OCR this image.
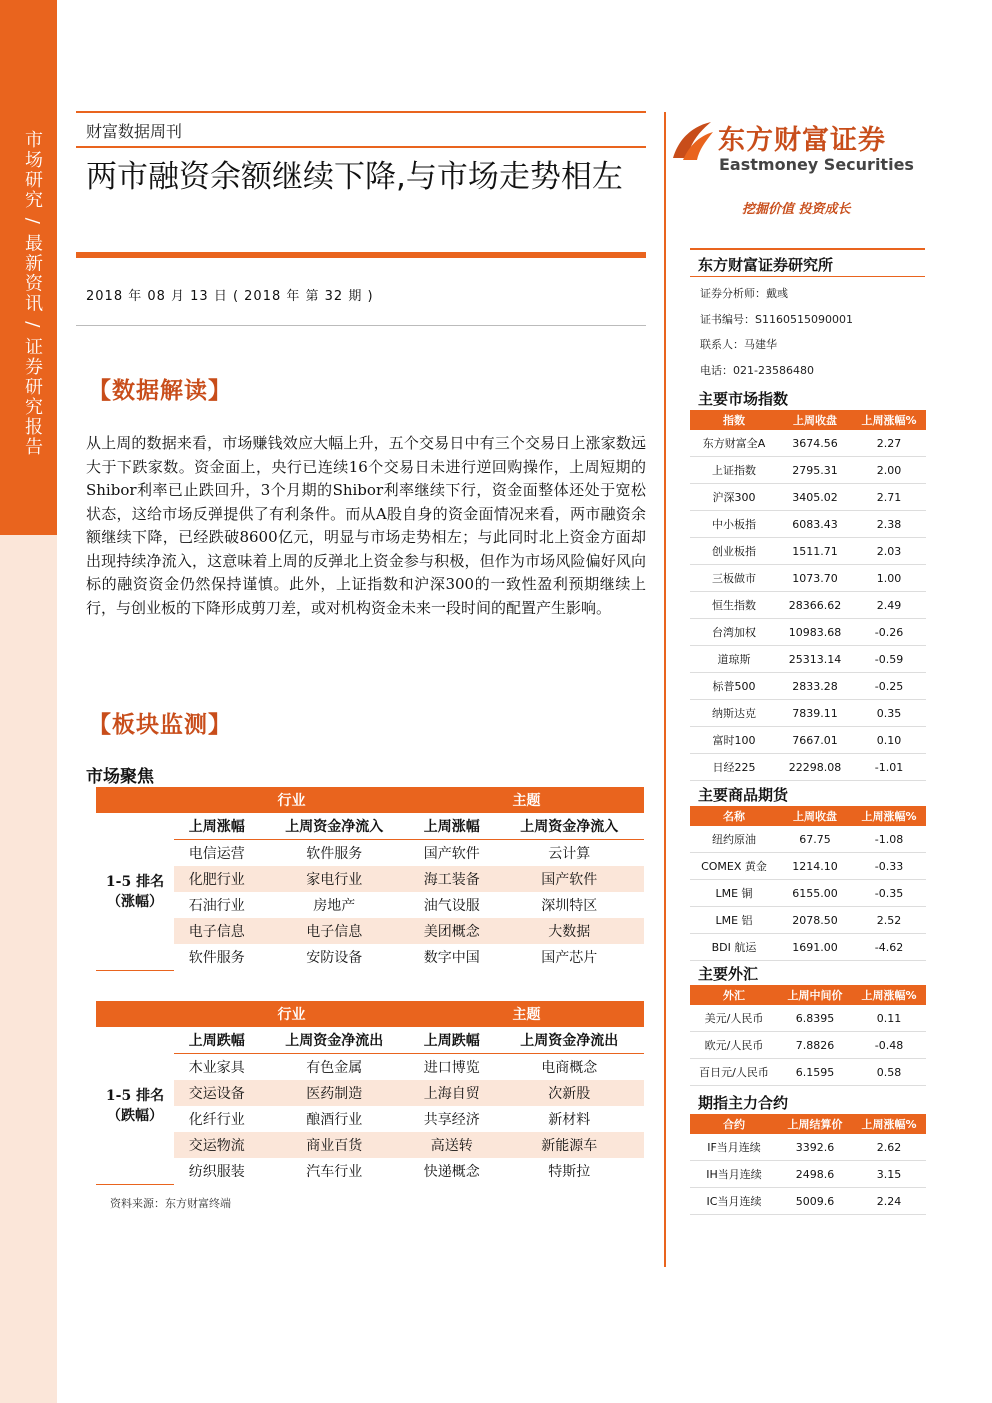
市场研究 / 最新资讯 / 证券研究报告	财富数据周刊
两市融资余额继续下降,与市场走势相左
2018 年 08 月 13 日 ( 2018 年 第 32 期 )
【数据解读】
从上周的数据来看，市场赚钱效应大幅上升，五个交易日中有三个交易日上涨家数远大于下跌家数。资金面上，央行已连续16个交易日未进行逆回购操作，上周短期的Shibor利率已止跌回升，3个月期的Shibor利率继续下行，资金面整体还处于宽松状态，这给市场反弹提供了有利条件。而从A股自身的资金面情况来看，两市融资余额继续下降，已经跌破8600亿元，明显与市场走势相左；与此同时北上资金方面却出现持续净流入，这意味着上周的反弹北上资金参与积极，但作为市场风险偏好风向标的融资资金仍然保持谨慎。此外，上证指数和沪深300的一致性盈利预期继续上行，与创业板的下降形成剪刀差，或对机构资金未来一段时间的配置产生影响。
【板块监测】
市场聚焦
	行业		主题	
1-5 排名
（涨幅）	上周涨幅	上周资金净流入	上周涨幅	上周资金净流入
	电信运营	软件服务	国产软件	云计算
	化肥行业	家电行业	海工装备	国产软件
	石油行业	房地产	油气设服	深圳特区
	电子信息	电子信息	美团概念	大数据
	软件服务	安防设备	数字中国	国产芯片
	行业		主题	
1-5 排名
（跌幅）	上周跌幅	上周资金净流出	上周跌幅	上周资金净流出
	木业家具	有色金属	进口博览	电商概念
	交运设备	医药制造	上海自贸	次新股
	化纤行业	酿酒行业	共享经济	新材料
	交运物流	商业百货	高送转	新能源车
	纺织服装	汽车行业	快递概念	特斯拉
资料来源：东方财富终端
东方财富证券
Eastmoney Securities
挖掘价值 投资成长
东方财富证券研究所
证券分析师：戴彧
证书编号：S1160515090001
联系人：马建华
电话：021-23586480
主要市场指数
指数	上周收盘	上周涨幅%
东方财富全A	3674.56	2.27
上证指数	2795.31	2.00
沪深300	3405.02	2.71
中小板指	6083.43	2.38
创业板指	1511.71	2.03
三板做市	1073.70	1.00
恒生指数	28366.62	2.49
台湾加权	10983.68	-0.26
道琼斯	25313.14	-0.59
标普500	2833.28	-0.25
纳斯达克	7839.11	0.35
富时100	7667.01	0.10
日经225	22298.08	-1.01
主要商品期货
名称	上周收盘	上周涨幅%
纽约原油	67.75	-1.08
COMEX 黄金	1214.10	-0.33
LME 铜	6155.00	-0.35
LME 铝	2078.50	2.52
BDI 航运	1691.00	-4.62
主要外汇
外汇	上周中间价	上周涨幅%
美元/人民币	6.8395	0.11
欧元/人民币	7.8826	-0.48
百日元/人民币	6.1595	0.58
期指主力合约
合约	上周结算价	上周涨幅%
IF当月连续	3392.6	2.62
IH当月连续	2498.6	3.15
IC当月连续	5009.6	2.24
